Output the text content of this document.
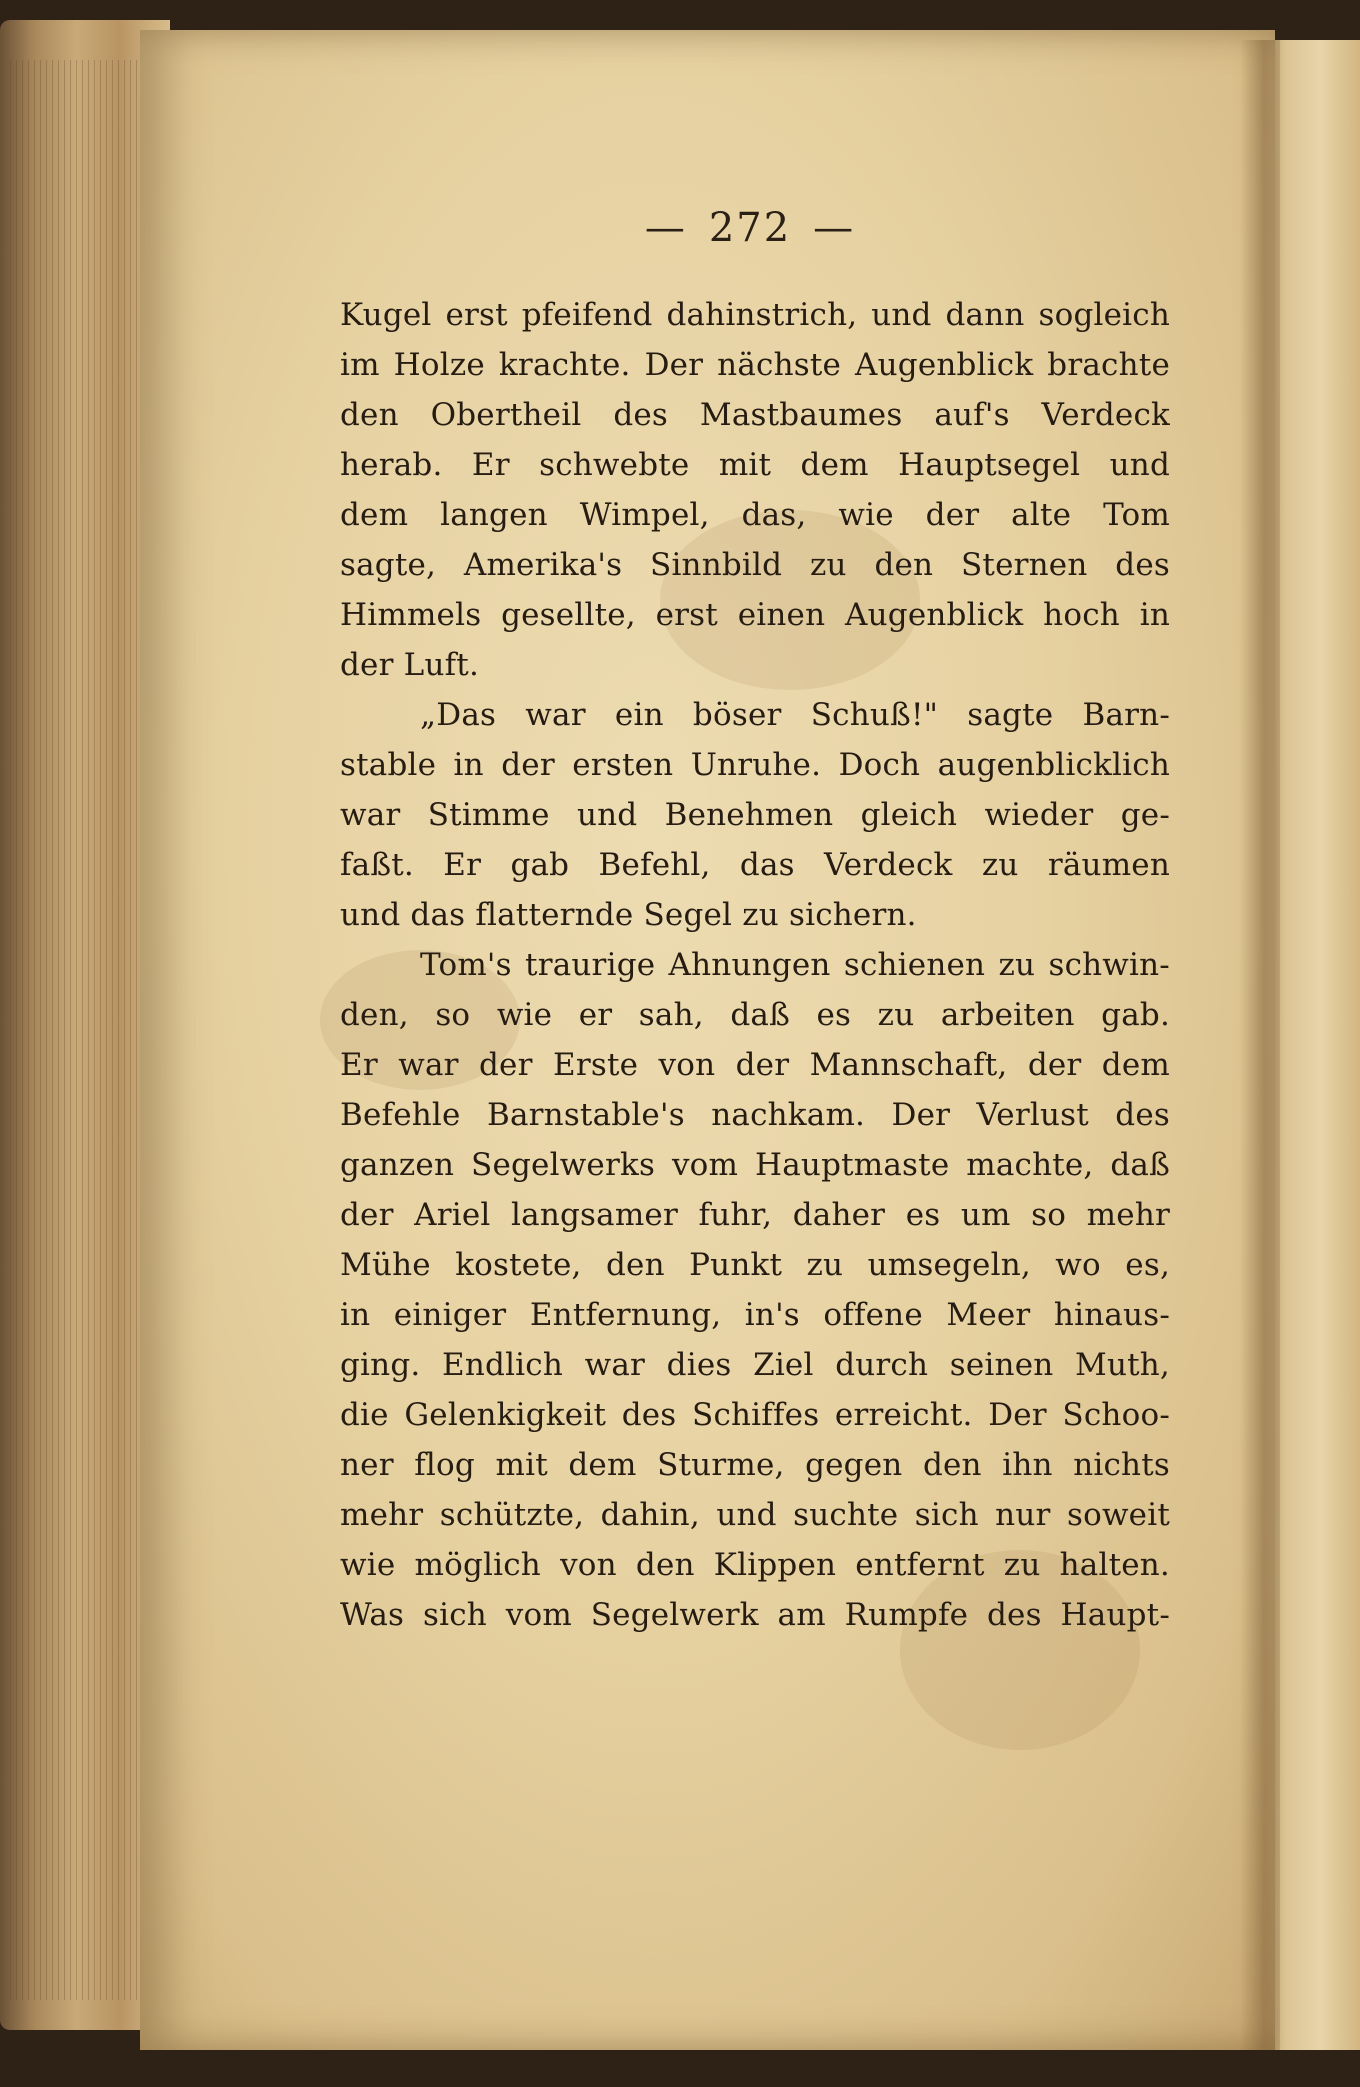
— 272 —
Kugel erst pfeifend dahinstrich, und dann sogleich
im Holze krachte. Der nächste Augenblick brachte
den Obertheil des Mastbaumes auf's Verdeck
herab. Er schwebte mit dem Hauptsegel und
dem langen Wimpel, das, wie der alte Tom
sagte, Amerika's Sinnbild zu den Sternen des
Himmels gesellte, erst einen Augenblick hoch in
der Luft.
„Das war ein böser Schuß!" sagte Barn-
stable in der ersten Unruhe. Doch augenblicklich
war Stimme und Benehmen gleich wieder ge-
faßt. Er gab Befehl, das Verdeck zu räumen
und das flatternde Segel zu sichern.
Tom's traurige Ahnungen schienen zu schwin-
den, so wie er sah, daß es zu arbeiten gab.
Er war der Erste von der Mannschaft, der dem
Befehle Barnstable's nachkam. Der Verlust des
ganzen Segelwerks vom Hauptmaste machte, daß
der Ariel langsamer fuhr, daher es um so mehr
Mühe kostete, den Punkt zu umsegeln, wo es,
in einiger Entfernung, in's offene Meer hinaus-
ging. Endlich war dies Ziel durch seinen Muth,
die Gelenkigkeit des Schiffes erreicht. Der Schoo-
ner flog mit dem Sturme, gegen den ihn nichts
mehr schützte, dahin, und suchte sich nur soweit
wie möglich von den Klippen entfernt zu halten.
Was sich vom Segelwerk am Rumpfe des Haupt-
